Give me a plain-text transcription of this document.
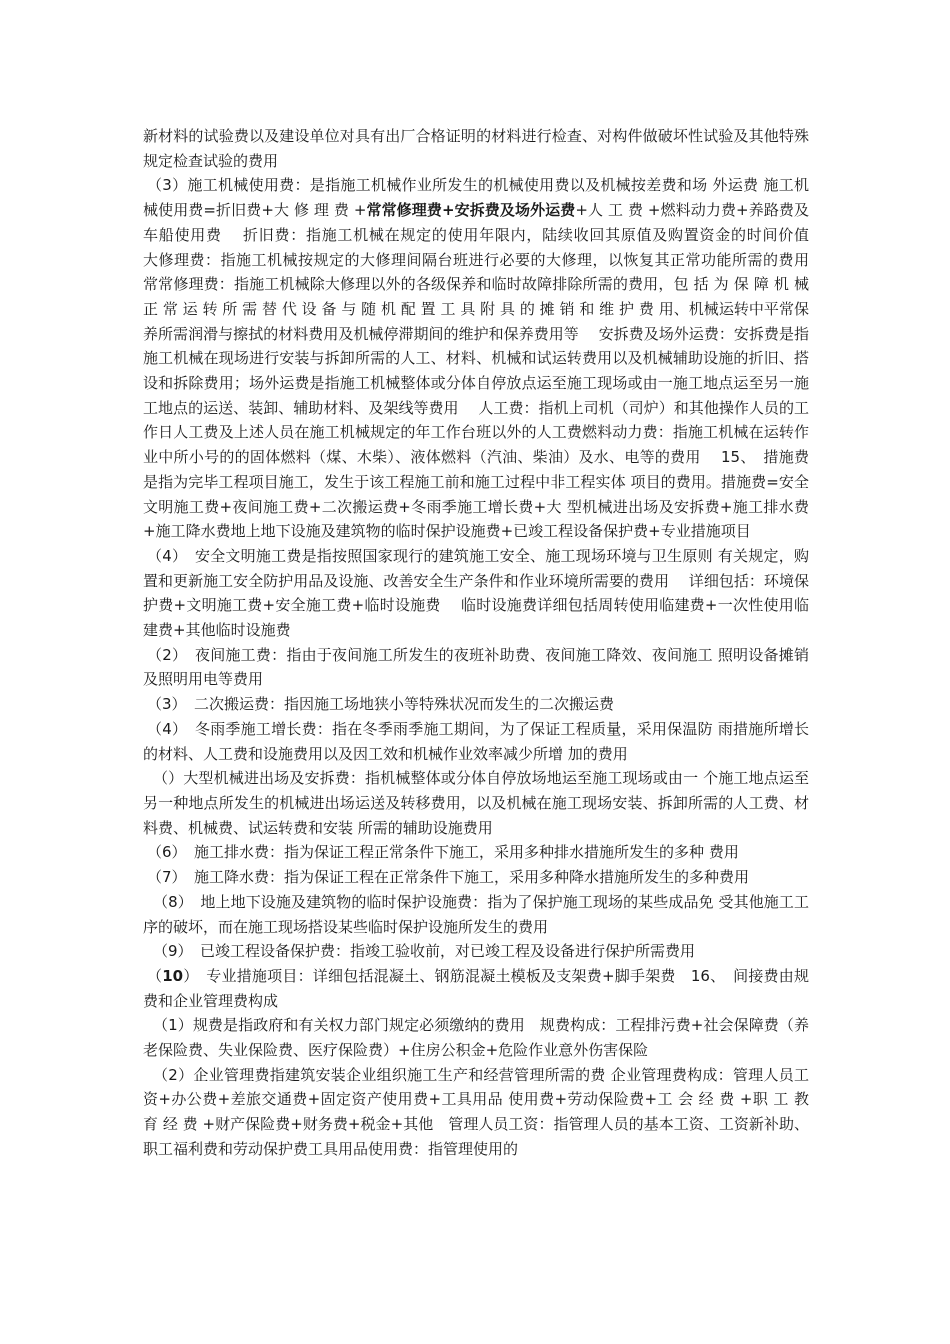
新材料的试验费以及建设单位对具有出厂合格证明的材料进行检查、对构件做破坏性试验及其他特殊规定检查试验的费用

（3）施工机械使用费：是指施工机械作业所发生的机械使用费以及机械按差费和场 外运费 施工机械使用费=折旧费+大 修 理 费 +常常修理费+安拆费及场外运费+人 工 费 +燃料动力费+养路费及车船使用费　 折旧费：指施工机械在规定的使用年限内，陆续收回其原值及购置资金的时间价值　 大修理费：指施工机械按规定的大修理间隔台班进行必要的大修理，以恢复其正常功能所需的费用　 常常修理费：指施工机械除大修理以外的各级保养和临时故障排除所需的费用，包 括 为 保 障 机 械 正 常 运 转 所 需 替 代 设 备 与 随 机 配 置 工 具 附 具 的 摊 销 和 维 护 费 用、机械运转中平常保养所需润滑与擦拭的材料费用及机械停滞期间的维护和保养费用等　 安拆费及场外运费：安拆费是指施工机械在现场进行安装与拆卸所需的人工、材料、机械和试运转费用以及机械辅助设施的折旧、搭设和拆除费用；场外运费是指施工机械整体或分体自停放点运至施工现场或由一施工地点运至另一施工地点的运送、装卸、辅助材料、及架线等费用　 人工费：指机上司机（司炉）和其他操作人员的工作日人工费及上述人员在施工机械规定的年工作台班以外的人工费燃料动力费：指施工机械在运转作业中所小号的的固体燃料（煤、木柴）、液体燃料（汽油、柴油）及水、电等的费用　 15、　措施费是指为完毕工程项目施工，发生于该工程施工前和施工过程中非工程实体 项目的费用。措施费=安全文明施工费+夜间施工费+二次搬运费+冬雨季施工增长费+大 型机械进出场及安拆费+施工排水费+施工降水费地上地下设施及建筑物的临时保护设施费+已竣工程设备保护费+专业措施项目

（4）　安全文明施工费是指按照国家现行的建筑施工安全、施工现场环境与卫生原则 有关规定，购置和更新施工安全防护用品及设施、改善安全生产条件和作业环境所需要的费用　 详细包括：环境保护费+文明施工费+安全施工费+临时设施费　 临时设施费详细包括周转使用临建费+一次性使用临建费+其他临时设施费

（2）　夜间施工费：指由于夜间施工所发生的夜班补助费、夜间施工降效、夜间施工 照明设备摊销及照明用电等费用

（3）　二次搬运费：指因施工场地狭小等特殊状况而发生的二次搬运费

（4）　冬雨季施工增长费：指在冬季雨季施工期间，为了保证工程质量，采用保温防 雨措施所增长的材料、人工费和设施费用以及因工效和机械作业效率减少所增 加的费用

（）大型机械进出场及安拆费：指机械整体或分体自停放场地运至施工现场或由一 个施工地点运至另一种地点所发生的机械进出场运送及转移费用，以及机械在施工现场安装、拆卸所需的人工费、材料费、机械费、试运转费和安装 所需的辅助设施费用

（6）　施工排水费：指为保证工程正常条件下施工，采用多种排水措施所发生的多种 费用

（7）　施工降水费：指为保证工程在正常条件下施工，采用多种降水措施所发生的多种费用

（8）　地上地下设施及建筑物的临时保护设施费：指为了保护施工现场的某些成品免 受其他施工工序的破坏，而在施工现场搭设某些临时保护设施所发生的费用

（9）　已竣工程设备保护费：指竣工验收前，对已竣工程及设备进行保护所需费用

（10）　专业措施项目：详细包括混凝土、钢筋混凝土模板及支架费+脚手架费　16、　间接费由规费和企业管理费构成

（1）规费是指政府和有关权力部门规定必须缴纳的费用　规费构成：工程排污费+社会保障费（养老保险费、失业保险费、医疗保险费）+住房公积金+危险作业意外伤害保险

（2）企业管理费指建筑安装企业组织施工生产和经营管理所需的费 企业管理费构成：管理人员工资+办公费+差旅交通费+固定资产使用费+工具用品 使用费+劳动保险费+工 会 经 费 +职 工 教 育 经 费 +财产保险费+财务费+税金+其他　管理人员工资：指管理人员的基本工资、工资新补助、职工福利费和劳动保护费工具用品使用费：指管理使用的
